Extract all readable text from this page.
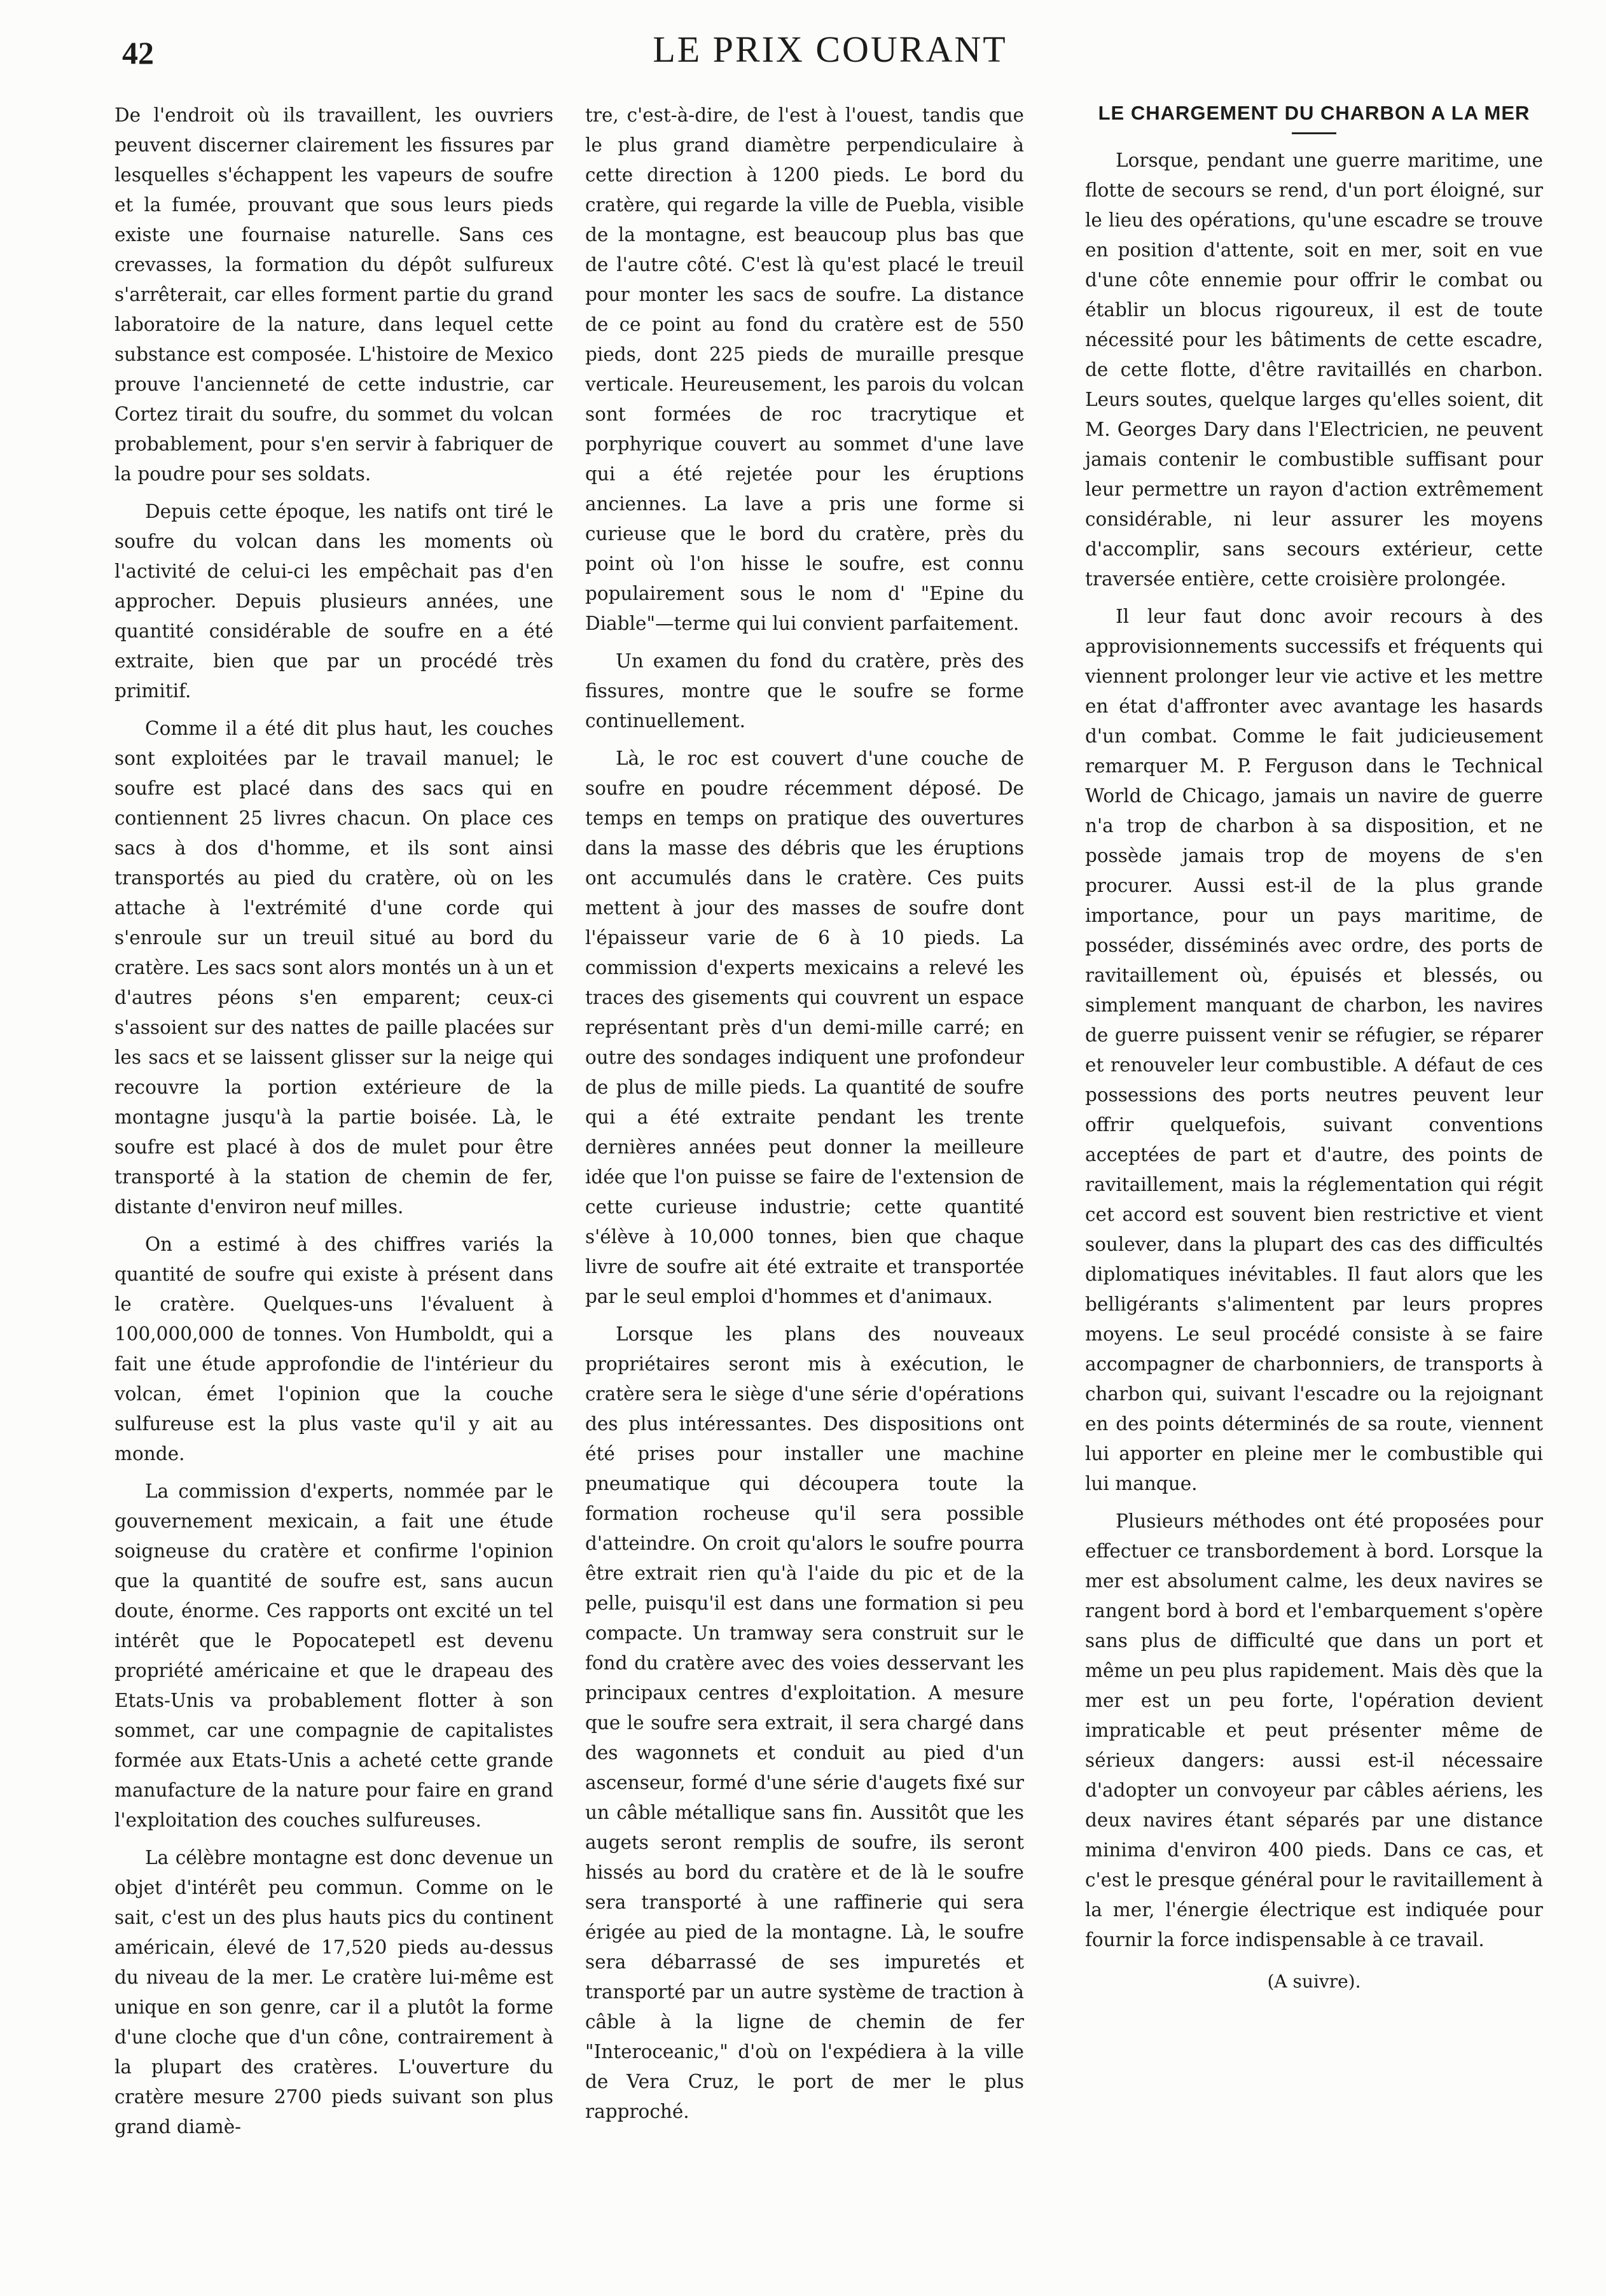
42	LE PRIX COURANT

De l'endroit où ils travaillent, les ouvriers peuvent discerner clairement les fissures par lesquelles s'échappent les vapeurs de soufre et la fumée, prouvant que sous leurs pieds existe une fournaise naturelle. Sans ces crevasses, la formation du dépôt sulfureux s'arrêterait, car elles forment partie du grand laboratoire de la nature, dans lequel cette substance est composée. L'histoire de Mexico prouve l'ancienneté de cette industrie, car Cortez tirait du soufre, du sommet du volcan probablement, pour s'en servir à fabriquer de la poudre pour ses soldats.

Depuis cette époque, les natifs ont tiré le soufre du volcan dans les moments où l'activité de celui-ci les empêchait pas d'en approcher. Depuis plusieurs années, une quantité considérable de soufre en a été extraite, bien que par un procédé très primitif.

Comme il a été dit plus haut, les couches sont exploitées par le travail manuel; le soufre est placé dans des sacs qui en contiennent 25 livres chacun. On place ces sacs à dos d'homme, et ils sont ainsi transportés au pied du cratère, où on les attache à l'extrémité d'une corde qui s'enroule sur un treuil situé au bord du cratère. Les sacs sont alors montés un à un et d'autres péons s'en emparent; ceux-ci s'assoient sur des nattes de paille placées sur les sacs et se laissent glisser sur la neige qui recouvre la portion extérieure de la montagne jusqu'à la partie boisée. Là, le soufre est placé à dos de mulet pour être transporté à la station de chemin de fer, distante d'environ neuf milles.

On a estimé à des chiffres variés la quantité de soufre qui existe à présent dans le cratère. Quelques-uns l'évaluent à 100,000,000 de tonnes. Von Humboldt, qui a fait une étude approfondie de l'intérieur du volcan, émet l'opinion que la couche sulfureuse est la plus vaste qu'il y ait au monde.

La commission d'experts, nommée par le gouvernement mexicain, a fait une étude soigneuse du cratère et confirme l'opinion que la quantité de soufre est, sans aucun doute, énorme. Ces rapports ont excité un tel intérêt que le Popocatepetl est devenu propriété américaine et que le drapeau des Etats-Unis va probablement flotter à son sommet, car une compagnie de capitalistes formée aux Etats-Unis a acheté cette grande manufacture de la nature pour faire en grand l'exploitation des couches sulfureuses.

La célèbre montagne est donc devenue un objet d'intérêt peu commun. Comme on le sait, c'est un des plus hauts pics du continent américain, élevé de 17,520 pieds au-dessus du niveau de la mer. Le cratère lui-même est unique en son genre, car il a plutôt la forme d'une cloche que d'un cône, contrairement à la plupart des cratères. L'ouverture du cratère mesure 2700 pieds suivant son plus grand diamè-

tre, c'est-à-dire, de l'est à l'ouest, tandis que le plus grand diamètre perpendiculaire à cette direction à 1200 pieds. Le bord du cratère, qui regarde la ville de Puebla, visible de la montagne, est beaucoup plus bas que de l'autre côté. C'est là qu'est placé le treuil pour monter les sacs de soufre. La distance de ce point au fond du cratère est de 550 pieds, dont 225 pieds de muraille presque verticale. Heureusement, les parois du volcan sont formées de roc tracrytique et porphyrique couvert au sommet d'une lave qui a été rejetée pour les éruptions anciennes. La lave a pris une forme si curieuse que le bord du cratère, près du point où l'on hisse le soufre, est connu populairement sous le nom d' "Epine du Diable"—terme qui lui convient parfaitement.

Un examen du fond du cratère, près des fissures, montre que le soufre se forme continuellement.

Là, le roc est couvert d'une couche de soufre en poudre récemment déposé. De temps en temps on pratique des ouvertures dans la masse des débris que les éruptions ont accumulés dans le cratère. Ces puits mettent à jour des masses de soufre dont l'épaisseur varie de 6 à 10 pieds. La commission d'experts mexicains a relevé les traces des gisements qui couvrent un espace représentant près d'un demi-mille carré; en outre des sondages indiquent une profondeur de plus de mille pieds. La quantité de soufre qui a été extraite pendant les trente dernières années peut donner la meilleure idée que l'on puisse se faire de l'extension de cette curieuse industrie; cette quantité s'élève à 10,000 tonnes, bien que chaque livre de soufre ait été extraite et transportée par le seul emploi d'hommes et d'animaux.

Lorsque les plans des nouveaux propriétaires seront mis à exécution, le cratère sera le siège d'une série d'opérations des plus intéressantes. Des dispositions ont été prises pour installer une machine pneumatique qui découpera toute la formation rocheuse qu'il sera possible d'atteindre. On croit qu'alors le soufre pourra être extrait rien qu'à l'aide du pic et de la pelle, puisqu'il est dans une formation si peu compacte. Un tramway sera construit sur le fond du cratère avec des voies desservant les principaux centres d'exploitation. A mesure que le soufre sera extrait, il sera chargé dans des wagonnets et conduit au pied d'un ascenseur, formé d'une série d'augets fixé sur un câble métallique sans fin. Aussitôt que les augets seront remplis de soufre, ils seront hissés au bord du cratère et de là le soufre sera transporté à une raffinerie qui sera érigée au pied de la montagne. Là, le soufre sera débarrassé de ses impuretés et transporté par un autre système de traction à câble à la ligne de chemin de fer "Interoceanic," d'où on l'expédiera à la ville de Vera Cruz, le port de mer le plus rapproché.

LE CHARGEMENT DU CHARBON A LA MER

Lorsque, pendant une guerre maritime, une flotte de secours se rend, d'un port éloigné, sur le lieu des opérations, qu'une escadre se trouve en position d'attente, soit en mer, soit en vue d'une côte ennemie pour offrir le combat ou établir un blocus rigoureux, il est de toute nécessité pour les bâtiments de cette escadre, de cette flotte, d'être ravitaillés en charbon. Leurs soutes, quelque larges qu'elles soient, dit M. Georges Dary dans l'Electricien, ne peuvent jamais contenir le combustible suffisant pour leur permettre un rayon d'action extrêmement considérable, ni leur assurer les moyens d'accomplir, sans secours extérieur, cette traversée entière, cette croisière prolongée.

Il leur faut donc avoir recours à des approvisionnements successifs et fréquents qui viennent prolonger leur vie active et les mettre en état d'affronter avec avantage les hasards d'un combat. Comme le fait judicieusement remarquer M. P. Ferguson dans le Technical World de Chicago, jamais un navire de guerre n'a trop de charbon à sa disposition, et ne possède jamais trop de moyens de s'en procurer. Aussi est-il de la plus grande importance, pour un pays maritime, de posséder, disséminés avec ordre, des ports de ravitaillement où, épuisés et blessés, ou simplement manquant de charbon, les navires de guerre puissent venir se réfugier, se réparer et renouveler leur combustible. A défaut de ces possessions des ports neutres peuvent leur offrir quelquefois, suivant conventions acceptées de part et d'autre, des points de ravitaillement, mais la réglementation qui régit cet accord est souvent bien restrictive et vient soulever, dans la plupart des cas des difficultés diplomatiques inévitables. Il faut alors que les belligérants s'alimentent par leurs propres moyens. Le seul procédé consiste à se faire accompagner de charbonniers, de transports à charbon qui, suivant l'escadre ou la rejoignant en des points déterminés de sa route, viennent lui apporter en pleine mer le combustible qui lui manque.

Plusieurs méthodes ont été proposées pour effectuer ce transbordement à bord. Lorsque la mer est absolument calme, les deux navires se rangent bord à bord et l'embarquement s'opère sans plus de difficulté que dans un port et même un peu plus rapidement. Mais dès que la mer est un peu forte, l'opération devient impraticable et peut présenter même de sérieux dangers: aussi est-il nécessaire d'adopter un convoyeur par câbles aériens, les deux navires étant séparés par une distance minima d'environ 400 pieds. Dans ce cas, et c'est le presque général pour le ravitaillement à la mer, l'énergie électrique est indiquée pour fournir la force indispensable à ce travail.

(A suivre).
